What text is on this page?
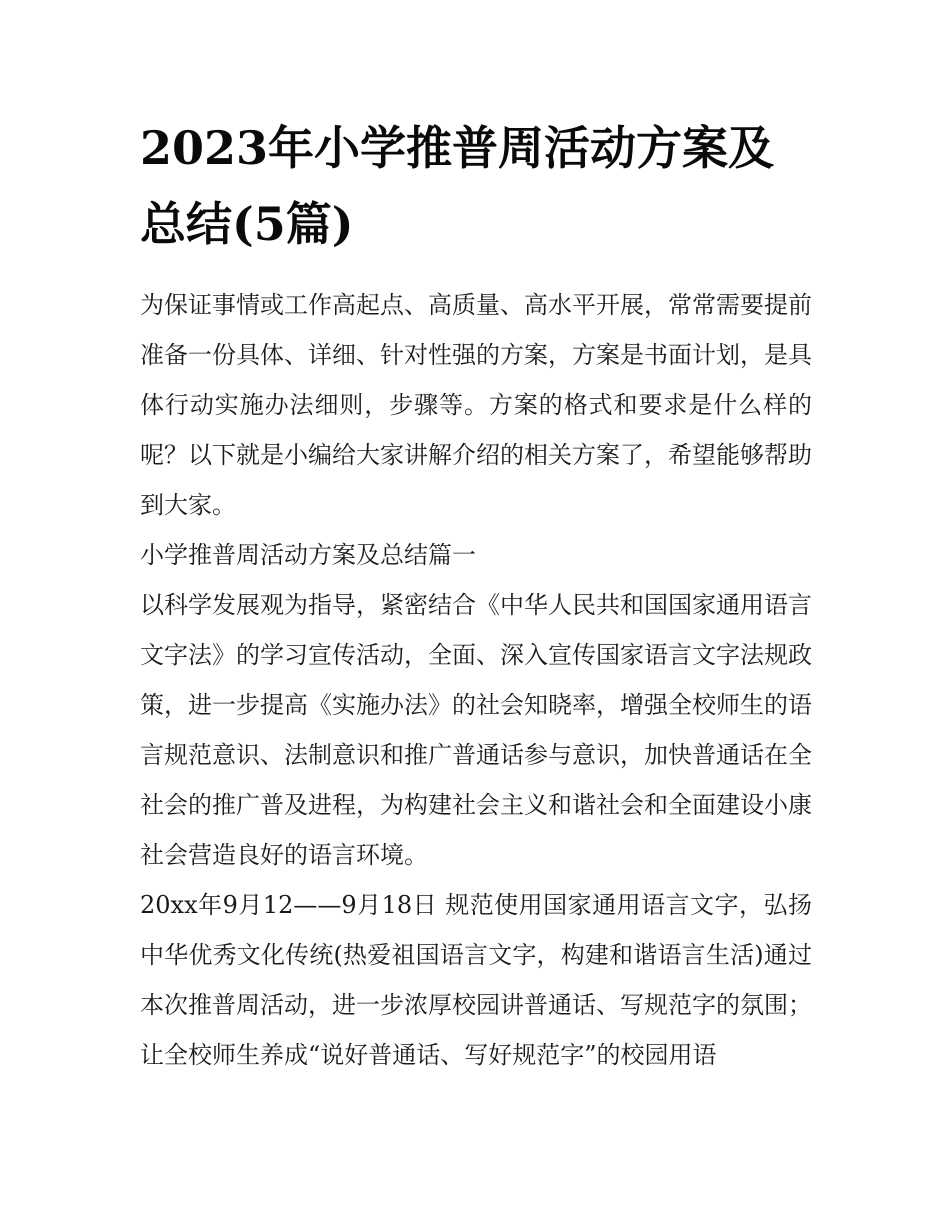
2023年小学推普周活动方案及总结(5篇)

为保证事情或工作高起点、高质量、高水平开展，常常需要提前准备一份具体、详细、针对性强的方案，方案是书面计划，是具体行动实施办法细则，步骤等。方案的格式和要求是什么样的呢？以下就是小编给大家讲解介绍的相关方案了，希望能够帮助到大家。

小学推普周活动方案及总结篇一

以科学发展观为指导，紧密结合《中华人民共和国国家通用语言文字法》的学习宣传活动，全面、深入宣传国家语言文字法规政策，进一步提高《实施办法》的社会知晓率，增强全校师生的语言规范意识、法制意识和推广普通话参与意识，加快普通话在全社会的推广普及进程，为构建社会主义和谐社会和全面建设小康社会营造良好的语言环境。

20xx年9月12——9月18日 规范使用国家通用语言文字，弘扬中华优秀文化传统(热爱祖国语言文字，构建和谐语言生活)通过本次推普周活动，进一步浓厚校园讲普通话、写规范字的氛围；让全校师生养成“说好普通话、写好规范字”的校园用语
